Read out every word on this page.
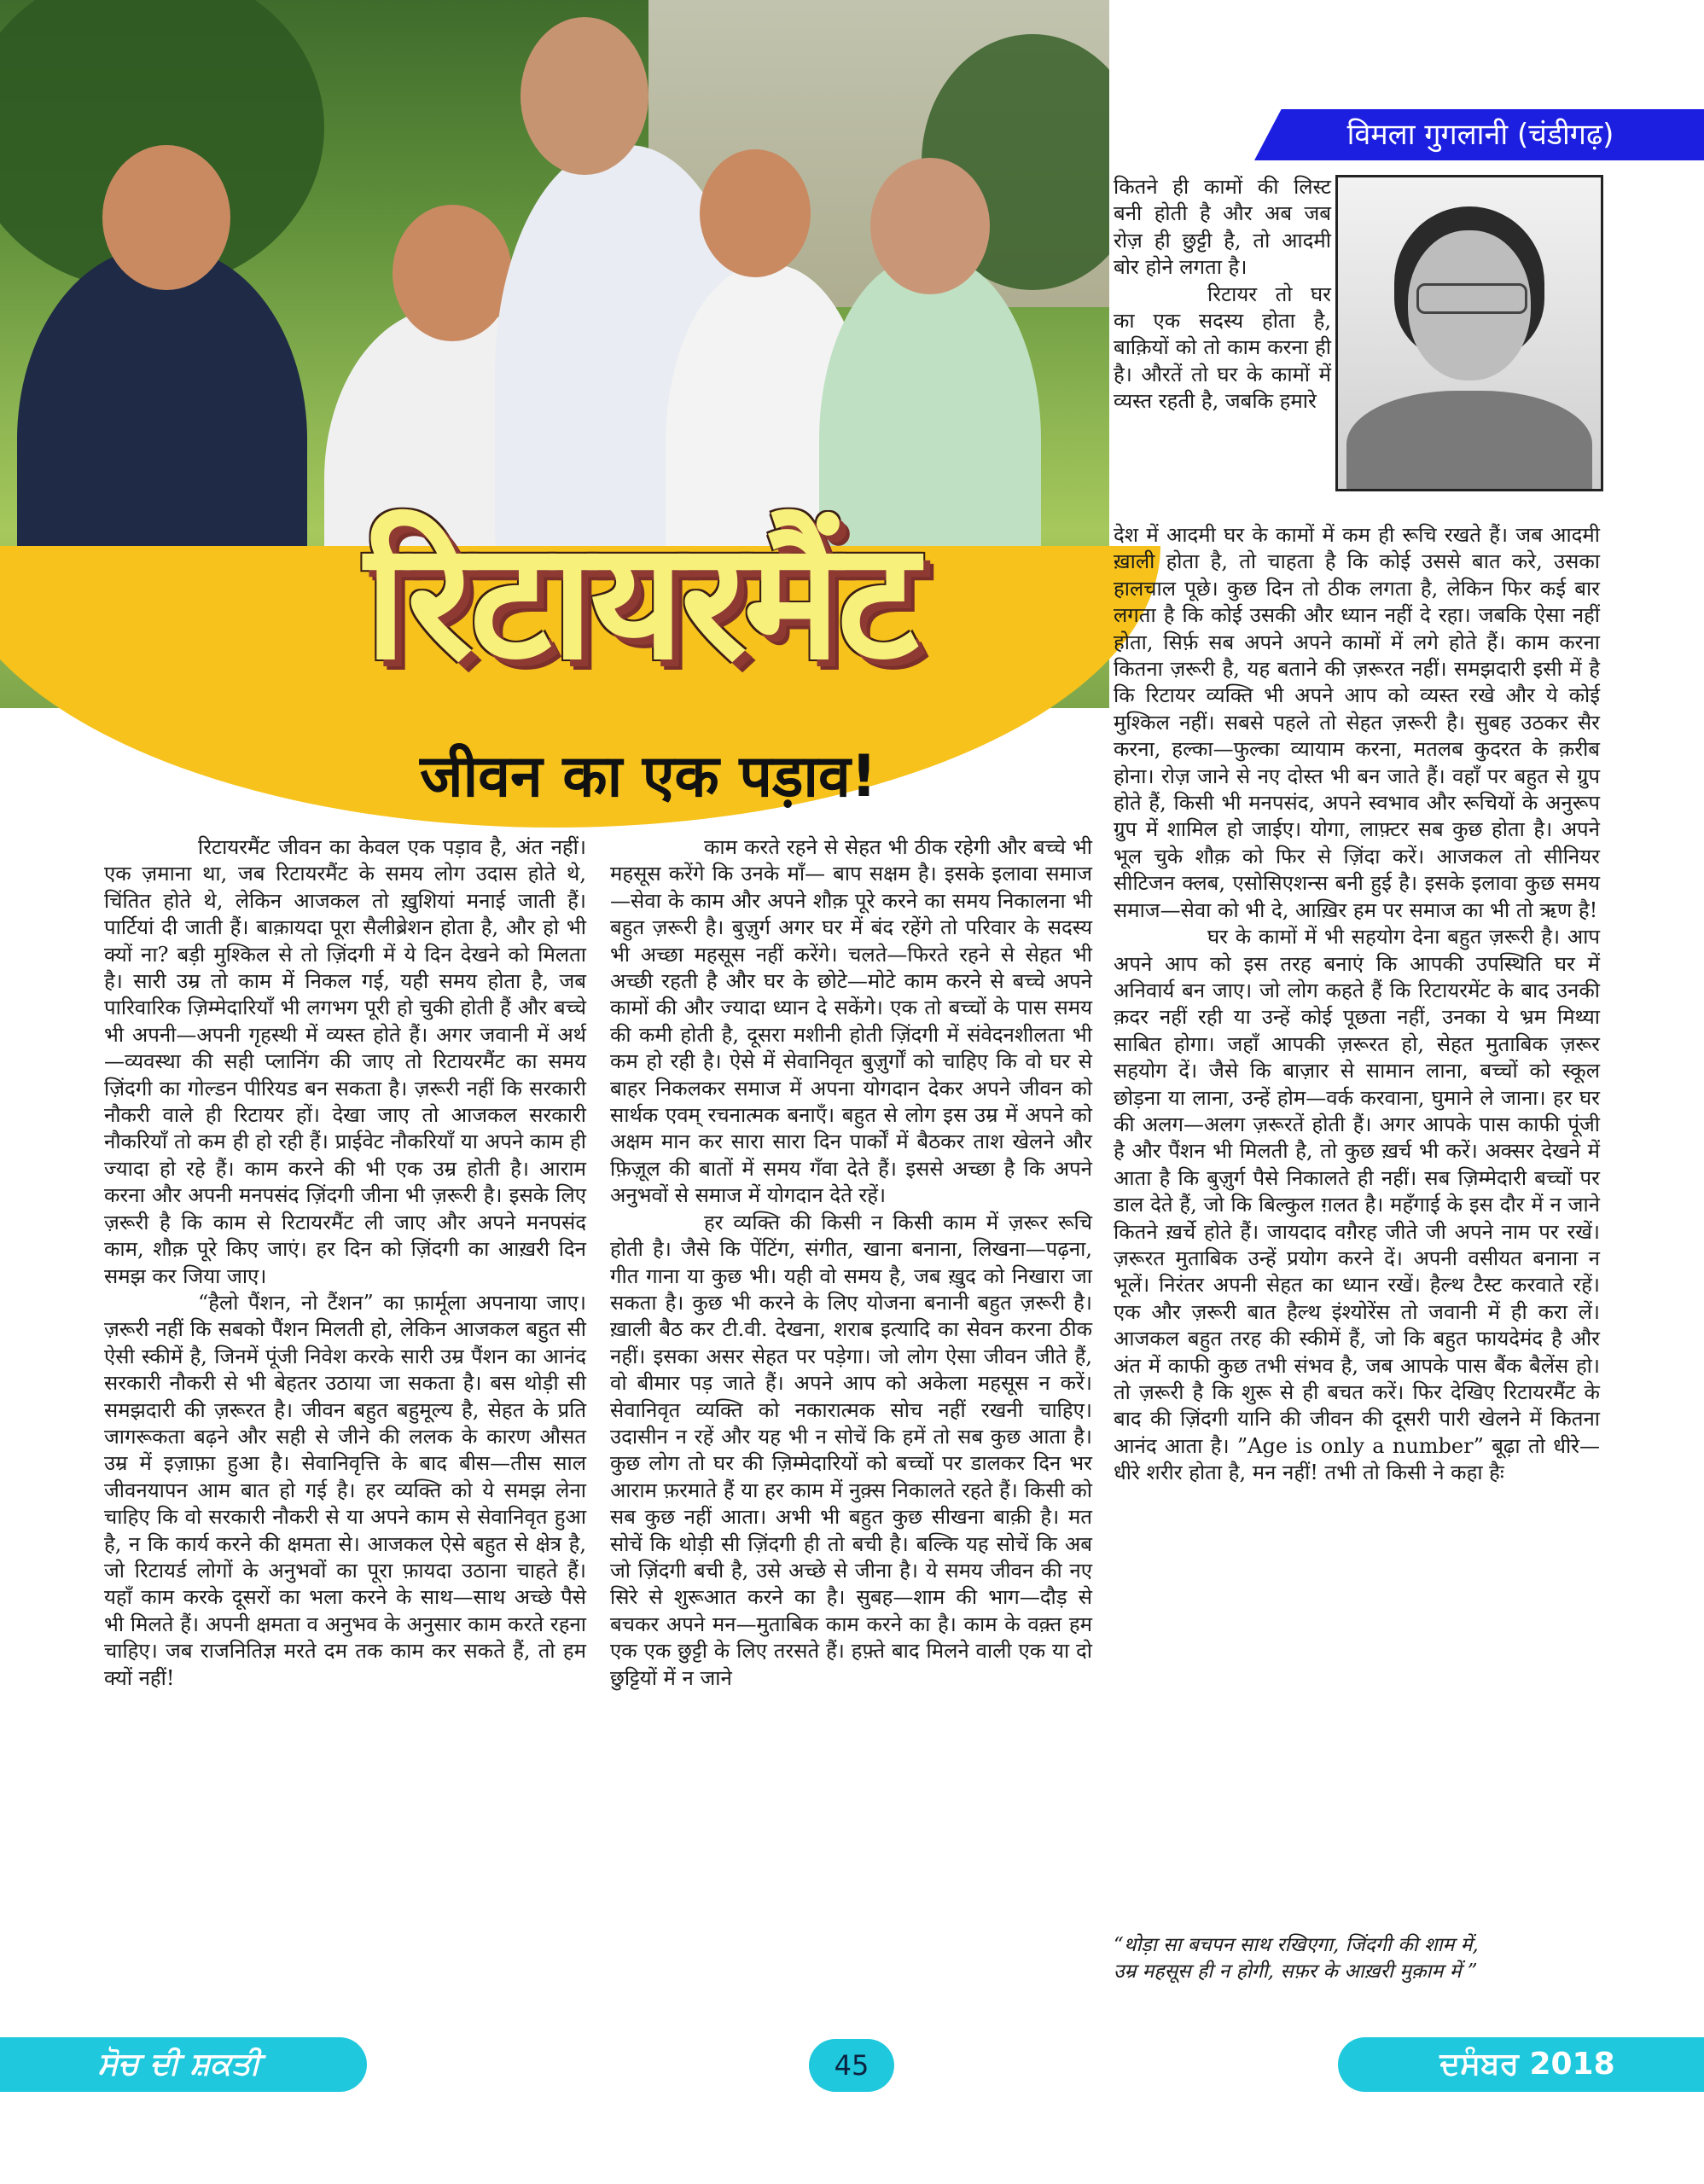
रिटायरमैंट
जीवन का एक पड़ाव!
विमला गुगलानी (चंडीगढ़)

रिटायरमैंट जीवन का केवल एक पड़ाव है, अंत नहीं। एक ज़माना था, जब रिटायरमैंट के समय लोग उदास होते थे, चिंतित होते थे, लेकिन आजकल तो ख़ुशियां मनाई जाती हैं। पार्टियां दी जाती हैं। बाक़ायदा पूरा सैलीब्रेशन होता है, और हो भी क्यों ना? बड़ी मुश्किल से तो ज़िंदगी में ये दिन देखने को मिलता है। सारी उम्र तो काम में निकल गई, यही समय होता है, जब पारिवारिक ज़िम्मेदारियाँ भी लगभग पूरी हो चुकी होती हैं और बच्चे भी अपनी—अपनी गृहस्थी में व्यस्त होते हैं। अगर जवानी में अर्थ—व्यवस्था की सही प्लानिंग की जाए तो रिटायरमैंट का समय ज़िंदगी का गोल्डन पीरियड बन सकता है। ज़रूरी नहीं कि सरकारी नौकरी वाले ही रिटायर हों। देखा जाए तो आजकल सरकारी नौकरियाँ तो कम ही हो रही हैं। प्राईवेट नौकरियाँ या अपने काम ही ज्यादा हो रहे हैं। काम करने की भी एक उम्र होती है। आराम करना और अपनी मनपसंद ज़िंदगी जीना भी ज़रूरी है। इसके लिए ज़रूरी है कि काम से रिटायरमैंट ली जाए और अपने मनपसंद काम, शौक़ पूरे किए जाएं। हर दिन को ज़िंदगी का आख़री दिन समझ कर जिया जाए।

“हैलो पैंशन, नो टैंशन” का फ़ार्मूला अपनाया जाए। ज़रूरी नहीं कि सबको पैंशन मिलती हो, लेकिन आजकल बहुत सी ऐसी स्कीमें है, जिनमें पूंजी निवेश करके सारी उम्र पैंशन का आनंद सरकारी नौकरी से भी बेहतर उठाया जा सकता है। बस थोड़ी सी समझदारी की ज़रूरत है। जीवन बहुत बहुमूल्य है, सेहत के प्रति जागरूकता बढ़ने और सही से जीने की ललक के कारण औसत उम्र में इज़ाफ़ा हुआ है। सेवानिवृत्ति के बाद बीस—तीस साल जीवनयापन आम बात हो गई है। हर व्यक्ति को ये समझ लेना चाहिए कि वो सरकारी नौकरी से या अपने काम से सेवानिवृत हुआ है, न कि कार्य करने की क्षमता से। आजकल ऐसे बहुत से क्षेत्र है, जो रिटायर्ड लोगों के अनुभवों का पूरा फ़ायदा उठाना चाहते हैं। यहाँ काम करके दूसरों का भला करने के साथ—साथ अच्छे पैसे भी मिलते हैं। अपनी क्षमता व अनुभव के अनुसार काम करते रहना चाहिए। जब राजनितिज्ञ मरते दम तक काम कर सकते हैं, तो हम क्यों नहीं!

काम करते रहने से सेहत भी ठीक रहेगी और बच्चे भी महसूस करेंगे कि उनके माँ— बाप सक्षम है। इसके इलावा समाज—सेवा के काम और अपने शौक़ पूरे करने का समय निकालना भी बहुत ज़रूरी है। बुज़ुर्ग अगर घर में बंद रहेंगे तो परिवार के सदस्य भी अच्छा महसूस नहीं करेंगे। चलते—फिरते रहने से सेहत भी अच्छी रहती है और घर के छोटे—मोटे काम करने से बच्चे अपने कामों की और ज्यादा ध्यान दे सकेंगे। एक तो बच्चों के पास समय की कमी होती है, दूसरा मशीनी होती ज़िंदगी में संवेदनशीलता भी कम हो रही है। ऐसे में सेवानिवृत बुज़ुर्गों को चाहिए कि वो घर से बाहर निकलकर समाज में अपना योगदान देकर अपने जीवन को सार्थक एवम् रचनात्मक बनाएँ। बहुत से लोग इस उम्र में अपने को अक्षम मान कर सारा सारा दिन पार्कों में बैठकर ताश खेलने और फ़िज़ूल की बातों में समय गँवा देते हैं। इससे अच्छा है कि अपने अनुभवों से समाज में योगदान देते रहें।

हर व्यक्ति की किसी न किसी काम में ज़रूर रूचि होती है। जैसे कि पेंटिंग, संगीत, खाना बनाना, लिखना—पढ़ना, गीत गाना या कुछ भी। यही वो समय है, जब ख़ुद को निखारा जा सकता है। कुछ भी करने के लिए योजना बनानी बहुत ज़रूरी है। ख़ाली बैठ कर टी.वी. देखना, शराब इत्यादि का सेवन करना ठीक नहीं। इसका असर सेहत पर पड़ेगा। जो लोग ऐसा जीवन जीते हैं, वो बीमार पड़ जाते हैं। अपने आप को अकेला महसूस न करें। सेवानिवृत व्यक्ति को नकारात्मक सोच नहीं रखनी चाहिए। उदासीन न रहें और यह भी न सोचें कि हमें तो सब कुछ आता है। कुछ लोग तो घर की ज़िम्मेदारियों को बच्चों पर डालकर दिन भर आराम फ़रमाते हैं या हर काम में नुक़्स निकालते रहते हैं। किसी को सब कुछ नहीं आता। अभी भी बहुत कुछ सीखना बाक़ी है। मत सोचें कि थोड़ी सी ज़िंदगी ही तो बची है। बल्कि यह सोचें कि अब जो ज़िंदगी बची है, उसे अच्छे से जीना है। ये समय जीवन की नए सिरे से शुरूआत करने का है। सुबह—शाम की भाग—दौड़ से बचकर अपने मन—मुताबिक काम करने का है। काम के वक़्त हम एक एक छुट्टी के लिए तरसते हैं। हफ़्ते बाद मिलने वाली एक या दो छुट्टियों में न जाने

कितने ही कामों की लिस्ट बनी होती है और अब जब रोज़ ही छुट्टी है, तो आदमी बोर होने लगता है।

रिटायर तो घर का एक सदस्य होता है, बाक़ियों को तो काम करना ही है। औरतें तो घर के कामों में व्यस्त रहती है, जबकि हमारे

देश में आदमी घर के कामों में कम ही रूचि रखते हैं। जब आदमी ख़ाली होता है, तो चाहता है कि कोई उससे बात करे, उसका हालचाल पूछे। कुछ दिन तो ठीक लगता है, लेकिन फिर कई बार लगता है कि कोई उसकी और ध्यान नहीं दे रहा। जबकि ऐसा नहीं होता, सिर्फ़ सब अपने अपने कामों में लगे होते हैं। काम करना कितना ज़रूरी है, यह बताने की ज़रूरत नहीं। समझदारी इसी में है कि रिटायर व्यक्ति भी अपने आप को व्यस्त रखे और ये कोई मुश्किल नहीं। सबसे पहले तो सेहत ज़रूरी है। सुबह उठकर सैर करना, हल्का—फुल्का व्यायाम करना, मतलब कुदरत के क़रीब होना। रोज़ जाने से नए दोस्त भी बन जाते हैं। वहाँ पर बहुत से ग्रुप होते हैं, किसी भी मनपसंद, अपने स्वभाव और रूचियों के अनुरूप ग्रुप में शामिल हो जाईए। योगा, लाफ़्टर सब कुछ होता है। अपने भूल चुके शौक़ को फिर से ज़िंदा करें। आजकल तो सीनियर सीटिजन क्लब, एसोसिएशन्स बनी हुई है। इसके इलावा कुछ समय समाज—सेवा को भी दे, आख़िर हम पर समाज का भी तो ऋण है!

घर के कामों में भी सहयोग देना बहुत ज़रूरी है। आप अपने आप को इस तरह बनाएं कि आपकी उपस्थिति घर में अनिवार्य बन जाए। जो लोग कहते हैं कि रिटायरमेंट के बाद उनकी क़दर नहीं रही या उन्हें कोई पूछता नहीं, उनका ये भ्रम मिथ्या साबित होगा। जहाँ आपकी ज़रूरत हो, सेहत मुताबिक ज़रूर सहयोग दें। जैसे कि बाज़ार से सामान लाना, बच्चों को स्कूल छोड़ना या लाना, उन्हें होम—वर्क करवाना, घुमाने ले जाना। हर घर की अलग—अलग ज़रूरतें होती हैं। अगर आपके पास काफी पूंजी है और पैंशन भी मिलती है, तो कुछ ख़र्च भी करें। अक्सर देखने में आता है कि बुज़ुर्ग पैसे निकालते ही नहीं। सब ज़िम्मेदारी बच्चों पर डाल देते हैं, जो कि बिल्कुल ग़लत है। महँगाई के इस दौर में न जाने कितने ख़र्चे होते हैं। जायदाद वग़ैरह जीते जी अपने नाम पर रखें। ज़रूरत मुताबिक उन्हें प्रयोग करने दें। अपनी वसीयत बनाना न भूलें। निरंतर अपनी सेहत का ध्यान रखें। हैल्थ टैस्ट करवाते रहें। एक और ज़रूरी बात हैल्थ इंश्योरेंस तो जवानी में ही करा लें। आजकल बहुत तरह की स्कीमें हैं, जो कि बहुत फायदेमंद है और अंत में काफी कुछ तभी संभव है, जब आपके पास बैंक बैलेंस हो। तो ज़रूरी है कि शुरू से ही बचत करें। फिर देखिए रिटायरमैंट के बाद की ज़िंदगी यानि की जीवन की दूसरी पारी खेलने में कितना आनंद आता है। ”Age is only a number” बूढ़ा तो धीरे—धीरे शरीर होता है, मन नहीं! तभी तो किसी ने कहा हैः

“थोड़ा सा बचपन साथ रखिएगा, जिंदगी की शाम में,
उम्र महसूस ही न होगी, सफ़र के आख़री मुक़ाम में ”
ਸੋਚ ਦੀ ਸ਼ਕਤੀ	45	ਦਸੰਬਰ 2018
